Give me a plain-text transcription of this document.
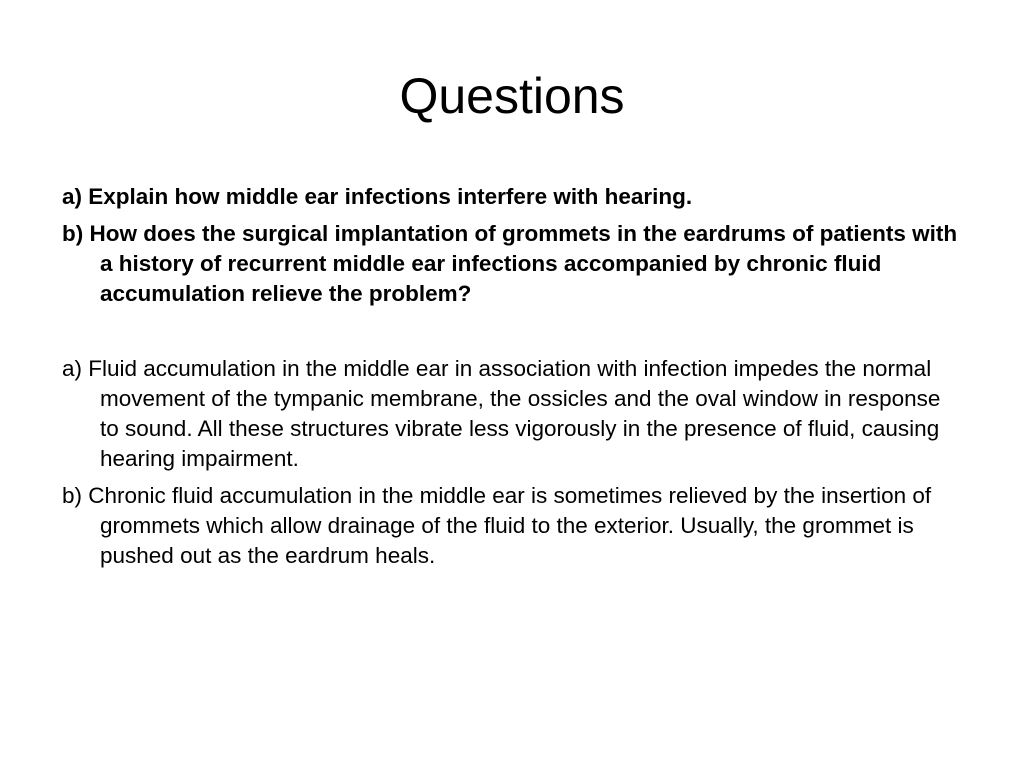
Questions

a) Explain how middle ear infections interfere with hearing.

b) How does the surgical implantation of grommets in the eardrums of patients with a history of recurrent middle ear infections accompanied by chronic fluid accumulation relieve the problem?

a) Fluid accumulation in the middle ear in association with infection impedes the normal movement of the tympanic membrane, the ossicles and the oval window in response to sound. All these structures vibrate less vigorously in the presence of fluid, causing hearing impairment.

b) Chronic fluid accumulation in the middle ear is sometimes relieved by the insertion of grommets which allow drainage of the fluid to the exterior. Usually, the grommet is pushed out as the eardrum heals.
